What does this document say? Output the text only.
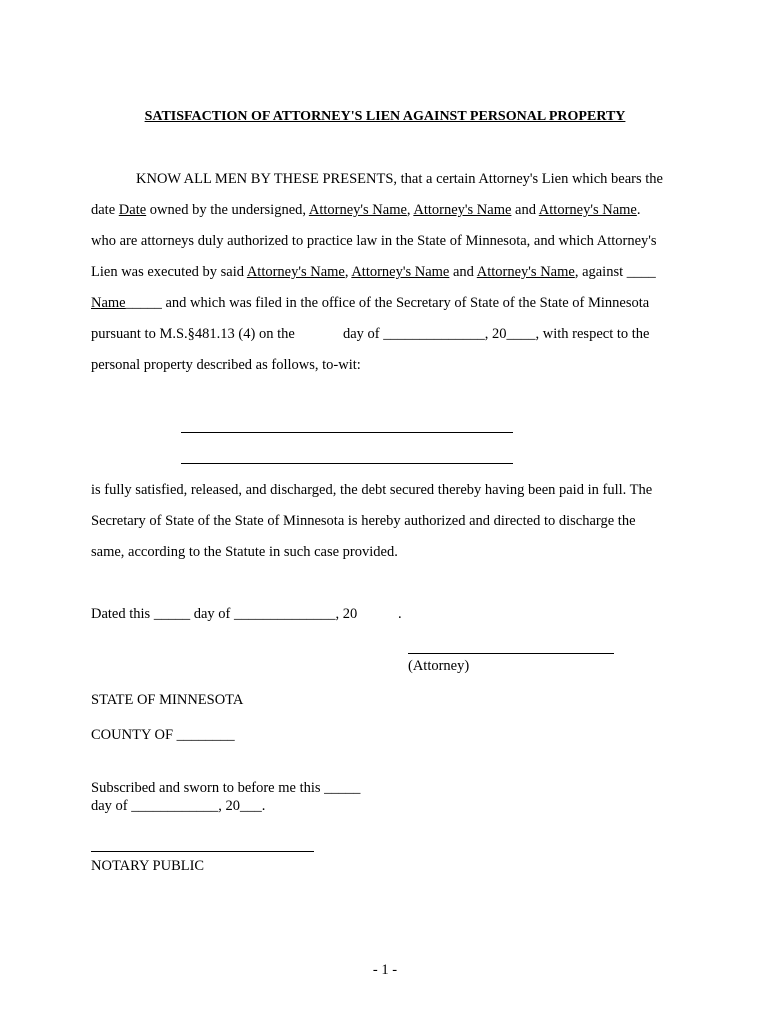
SATISFACTION OF ATTORNEY'S LIEN AGAINST PERSONAL PROPERTY
KNOW ALL MEN BY THESE PRESENTS, that a certain Attorney's Lien which bears the
date Date owned by the undersigned, Attorney's Name, Attorney's Name and Attorney's Name.
who are attorneys duly authorized to practice law in the State of Minnesota, and which Attorney's
Lien was executed by said Attorney's Name, Attorney's Name and Attorney's Name, against ____
Name_____ and which was filed in the office of the Secretary of State of the State of Minnesota
pursuant to M.S.§481.13 (4) on the	day of ______________, 20____, with respect to the
personal property described as follows, to-wit:
is fully satisfied, released, and discharged, the debt secured thereby having been paid in full. The
Secretary of State of the State of Minnesota is hereby authorized and directed to discharge the
same, according to the Statute in such case provided.
Dated this _____ day of ______________, 20	.
(Attorney)
STATE OF MINNESOTA
COUNTY OF ________
Subscribed and sworn to before me this _____
day of ____________, 20___.
NOTARY PUBLIC
- 1 -
